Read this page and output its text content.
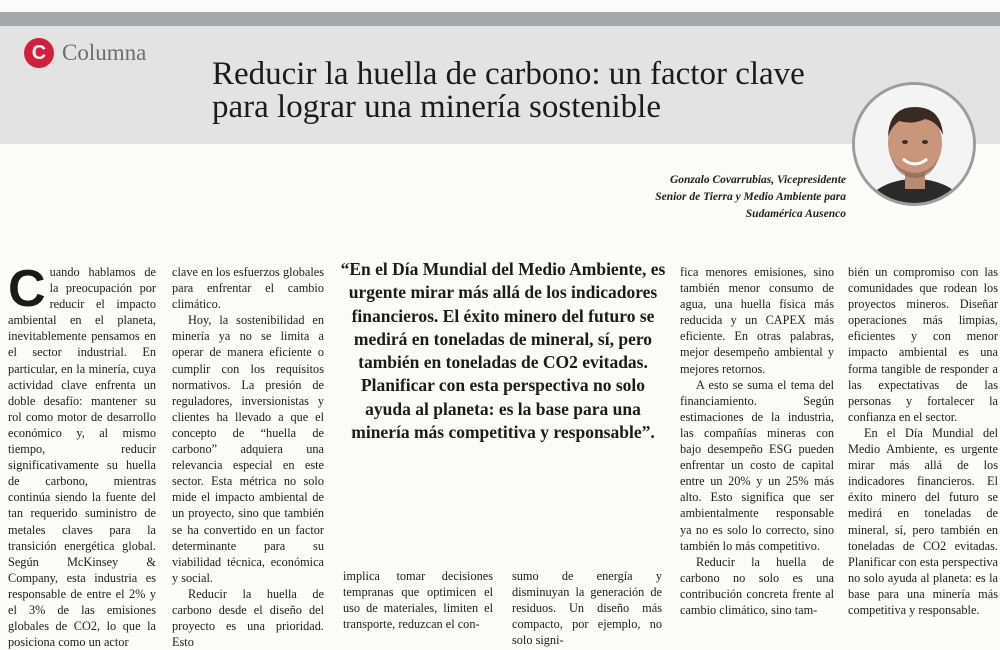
C Columna
Reducir la huella de carbono: un factor clave para lograr una minería sostenible
Gonzalo Covarrubias, Vicepresidente
Senior de Tierra y Medio Ambiente para
Sudamérica Ausenco
C uando hablamos de la preocupación por reducir el impacto ambiental en el planeta, inevitablemente pensamos en el sector industrial. En particular, en la minería, cuya actividad clave enfrenta un doble desafío: mantener su rol como motor de desarrollo económico y, al mismo tiempo, reducir significativamente su huella de carbono, mientras continúa siendo la fuente del tan requerido suministro de metales claves para la transición energética global. Según McKinsey & Company, esta industria es responsable de entre el 2% y el 3% de las emisiones globales de CO2, lo que la posiciona como un actor

clave en los esfuerzos globales para enfrentar el cambio climático.

Hoy, la sostenibilidad en minería ya no se limita a operar de manera eficiente o cumplir con los requisitos normativos. La presión de reguladores, inversionistas y clientes ha llevado a que el concepto de “huella de carbono” adquiera una relevancia especial en este sector. Esta métrica no solo mide el impacto ambiental de un proyecto, sino que también se ha convertido en un factor determinante para su viabilidad técnica, económica y social.

Reducir la huella de carbono desde el diseño del proyecto es una prioridad. Esto

“En el Día Mundial del Medio Ambiente, es urgente mirar más allá de los indicadores financieros. El éxito minero del futuro se medirá en toneladas de mineral, sí, pero también en toneladas de CO2 evitadas. Planificar con esta perspectiva no solo ayuda al planeta: es la base para una minería más competitiva y responsable”.

implica tomar decisiones tempranas que optimicen el uso de materiales, limiten el transporte, reduzcan el con-

sumo de energía y disminuyan la generación de residuos. Un diseño más compacto, por ejemplo, no solo signi-

fica menores emisiones, sino también menor consumo de agua, una huella física más reducida y un CAPEX más eficiente. En otras palabras, mejor desempeño ambiental y mejores retornos.

A esto se suma el tema del financiamiento. Según estimaciones de la industria, las compañías mineras con bajo desempeño ESG pueden enfrentar un costo de capital entre un 20% y un 25% más alto. Esto significa que ser ambientalmente responsable ya no es solo lo correcto, sino también lo más competitivo.

Reducir la huella de carbono no solo es una contribución concreta frente al cambio climático, sino tam-

bién un compromiso con las comunidades que rodean los proyectos mineros. Diseñar operaciones más limpias, eficientes y con menor impacto ambiental es una forma tangible de responder a las expectativas de las personas y fortalecer la confianza en el sector.

En el Día Mundial del Medio Ambiente, es urgente mirar más allá de los indicadores financieros. El éxito minero del futuro se medirá en toneladas de mineral, sí, pero también en toneladas de CO2 evitadas. Planificar con esta perspectiva no solo ayuda al planeta: es la base para una minería más competitiva y responsable.
